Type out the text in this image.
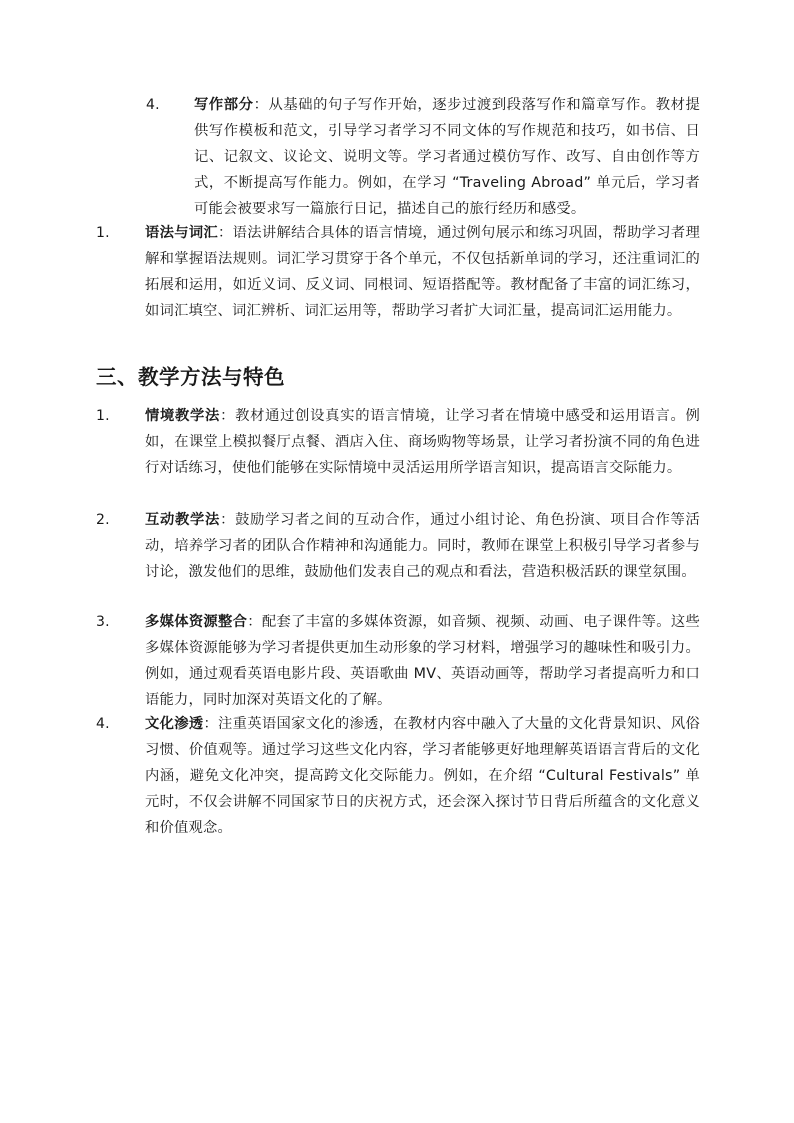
4. 写作部分：从基础的句子写作开始，逐步过渡到段落写作和篇章写作。教材提供写作模板和范文，引导学习者学习不同文体的写作规范和技巧，如书信、日记、记叙文、议论文、说明文等。学习者通过模仿写作、改写、自由创作等方式，不断提高写作能力。例如，在学习 “Traveling Abroad” 单元后，学习者可能会被要求写一篇旅行日记，描述自己的旅行经历和感受。
1. 语法与词汇：语法讲解结合具体的语言情境，通过例句展示和练习巩固，帮助学习者理解和掌握语法规则。词汇学习贯穿于各个单元，不仅包括新单词的学习，还注重词汇的拓展和运用，如近义词、反义词、同根词、短语搭配等。教材配备了丰富的词汇练习，如词汇填空、词汇辨析、词汇运用等，帮助学习者扩大词汇量，提高词汇运用能力。
三、教学方法与特色
1. 情境教学法：教材通过创设真实的语言情境，让学习者在情境中感受和运用语言。例如，在课堂上模拟餐厅点餐、酒店入住、商场购物等场景，让学习者扮演不同的角色进行对话练习，使他们能够在实际情境中灵活运用所学语言知识，提高语言交际能力。
2. 互动教学法：鼓励学习者之间的互动合作，通过小组讨论、角色扮演、项目合作等活动，培养学习者的团队合作精神和沟通能力。同时，教师在课堂上积极引导学习者参与讨论，激发他们的思维，鼓励他们发表自己的观点和看法，营造积极活跃的课堂氛围。
3. 多媒体资源整合：配套了丰富的多媒体资源，如音频、视频、动画、电子课件等。这些多媒体资源能够为学习者提供更加生动形象的学习材料，增强学习的趣味性和吸引力。例如，通过观看英语电影片段、英语歌曲 MV、英语动画等，帮助学习者提高听力和口语能力，同时加深对英语文化的了解。
4. 文化渗透：注重英语国家文化的渗透，在教材内容中融入了大量的文化背景知识、风俗习惯、价值观等。通过学习这些文化内容，学习者能够更好地理解英语语言背后的文化内涵，避免文化冲突，提高跨文化交际能力。例如，在介绍 “Cultural Festivals” 单元时，不仅会讲解不同国家节日的庆祝方式，还会深入探讨节日背后所蕴含的文化意义和价值观念。
